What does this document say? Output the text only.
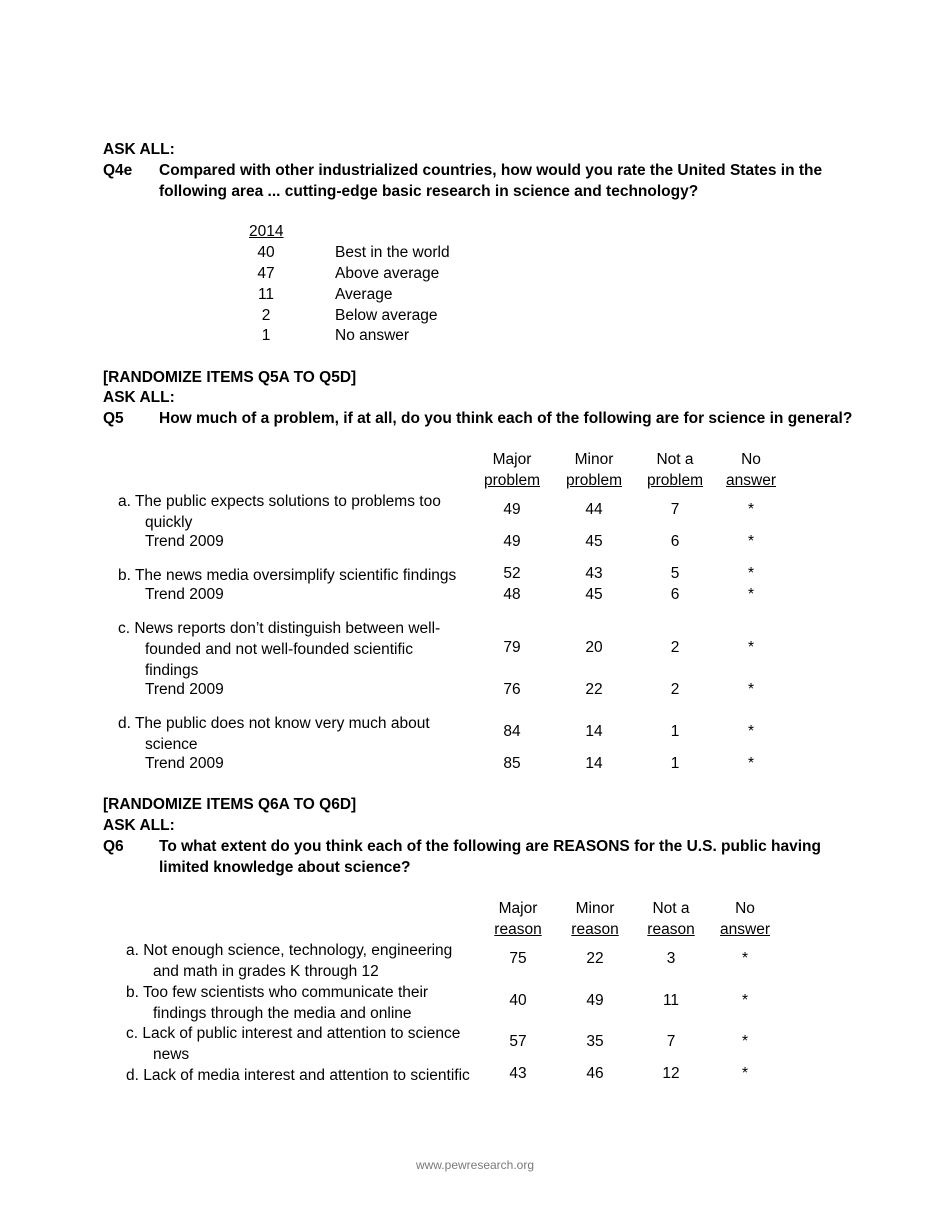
ASK ALL:
Q4e Compared with other industrialized countries, how would you rate the United States in the
following area ... cutting-edge basic research in science and technology?
2014
40	Best in the world
47	Above average
11	Average
2	Below average
1	No answer
[RANDOMIZE ITEMS Q5A TO Q5D]
ASK ALL:
Q5 How much of a problem, if at all, do you think each of the following are for science in general?
Major
problem
Minor
problem
Not a
problem
No
answer
a. The public expects solutions to problems too
quickly
49	44	7	*
Trend 2009	49	45	6	*
b. The news media oversimplify scientific findings	52	43	5	*
Trend 2009	48	45	6	*
c. News reports don’t distinguish between well-
founded and not well-founded scientific
findings
79	20	2	*
Trend 2009	76	22	2	*
d. The public does not know very much about
science
84	14	1	*
Trend 2009	85	14	1	*
[RANDOMIZE ITEMS Q6A TO Q6D]
ASK ALL:
Q6 To what extent do you think each of the following are REASONS for the U.S. public having
limited knowledge about science?
Major
reason
Minor
reason
Not a
reason
No
answer
a. Not enough science, technology, engineering
and math in grades K through 12
75	22	3	*
b. Too few scientists who communicate their
findings through the media and online
40	49	11	*
c. Lack of public interest and attention to science
news
57	35	7	*
d. Lack of media interest and attention to scientific	43	46	12	*
www.pewresearch.org
